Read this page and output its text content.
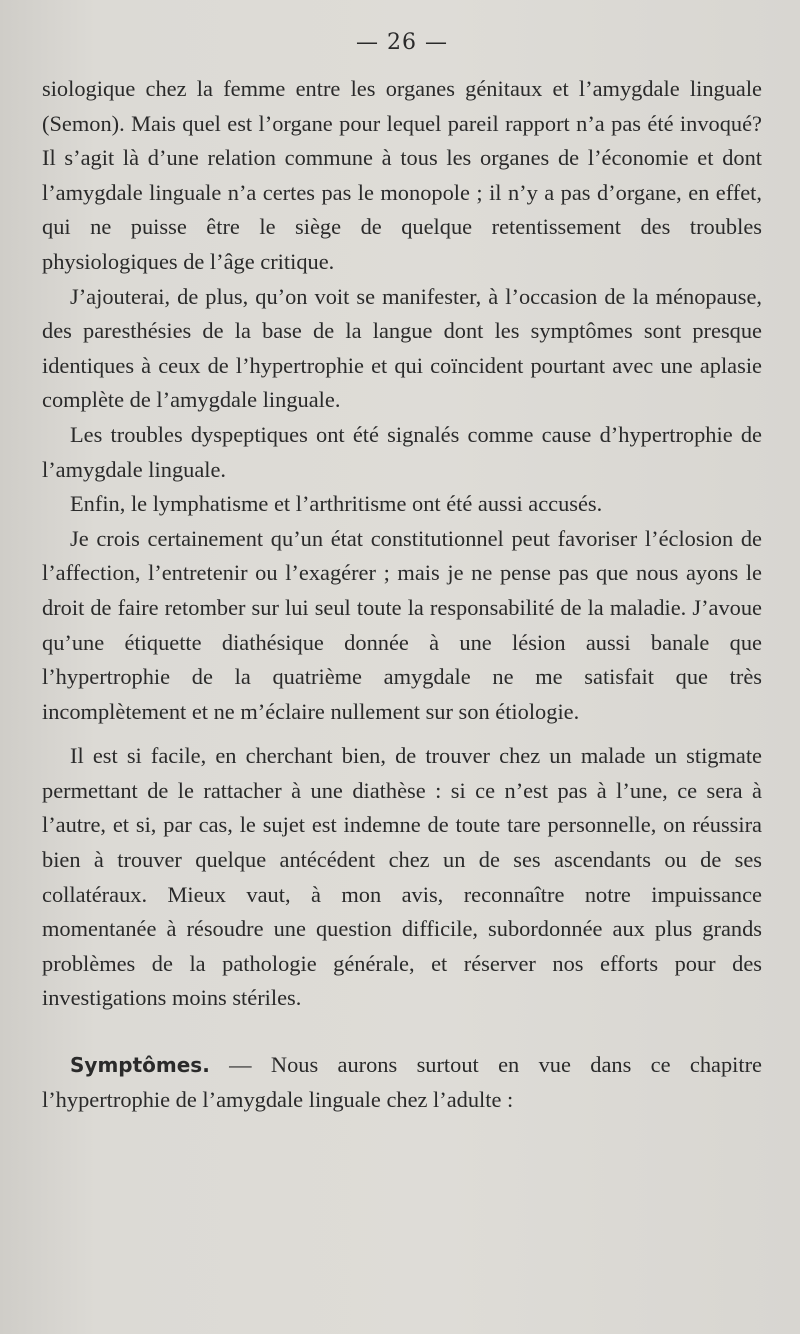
— 26 —

siologique chez la femme entre les organes génitaux et l’amygdale linguale (Semon). Mais quel est l’organe pour lequel pareil rapport n’a pas été invoqué? Il s’agit là d’une relation commune à tous les organes de l’économie et dont l’amygdale linguale n’a certes pas le monopole ; il n’y a pas d’organe, en effet, qui ne puisse être le siège de quelque retentissement des troubles physiologiques de l’âge critique.

J’ajouterai, de plus, qu’on voit se manifester, à l’occasion de la ménopause, des paresthésies de la base de la langue dont les symptômes sont presque identiques à ceux de l’hypertrophie et qui coïncident pourtant avec une aplasie complète de l’amygdale linguale.

Les troubles dyspeptiques ont été signalés comme cause d’hypertrophie de l’amygdale linguale.

Enfin, le lymphatisme et l’arthritisme ont été aussi accusés.

Je crois certainement qu’un état constitutionnel peut favoriser l’éclosion de l’affection, l’entretenir ou l’exagérer ; mais je ne pense pas que nous ayons le droit de faire retomber sur lui seul toute la responsabilité de la maladie. J’avoue qu’une étiquette diathésique donnée à une lésion aussi banale que l’hypertrophie de la quatrième amygdale ne me satisfait que très incomplètement et ne m’éclaire nullement sur son étiologie.

Il est si facile, en cherchant bien, de trouver chez un malade un stigmate permettant de le rattacher à une diathèse : si ce n’est pas à l’une, ce sera à l’autre, et si, par cas, le sujet est indemne de toute tare personnelle, on réussira bien à trouver quelque antécédent chez un de ses ascendants ou de ses collatéraux. Mieux vaut, à mon avis, reconnaître notre impuissance momentanée à résoudre une question difficile, subordonnée aux plus grands problèmes de la pathologie générale, et réserver nos efforts pour des investigations moins stériles.

Symptômes. — Nous aurons surtout en vue dans ce chapitre l’hypertrophie de l’amygdale linguale chez l’adulte :
